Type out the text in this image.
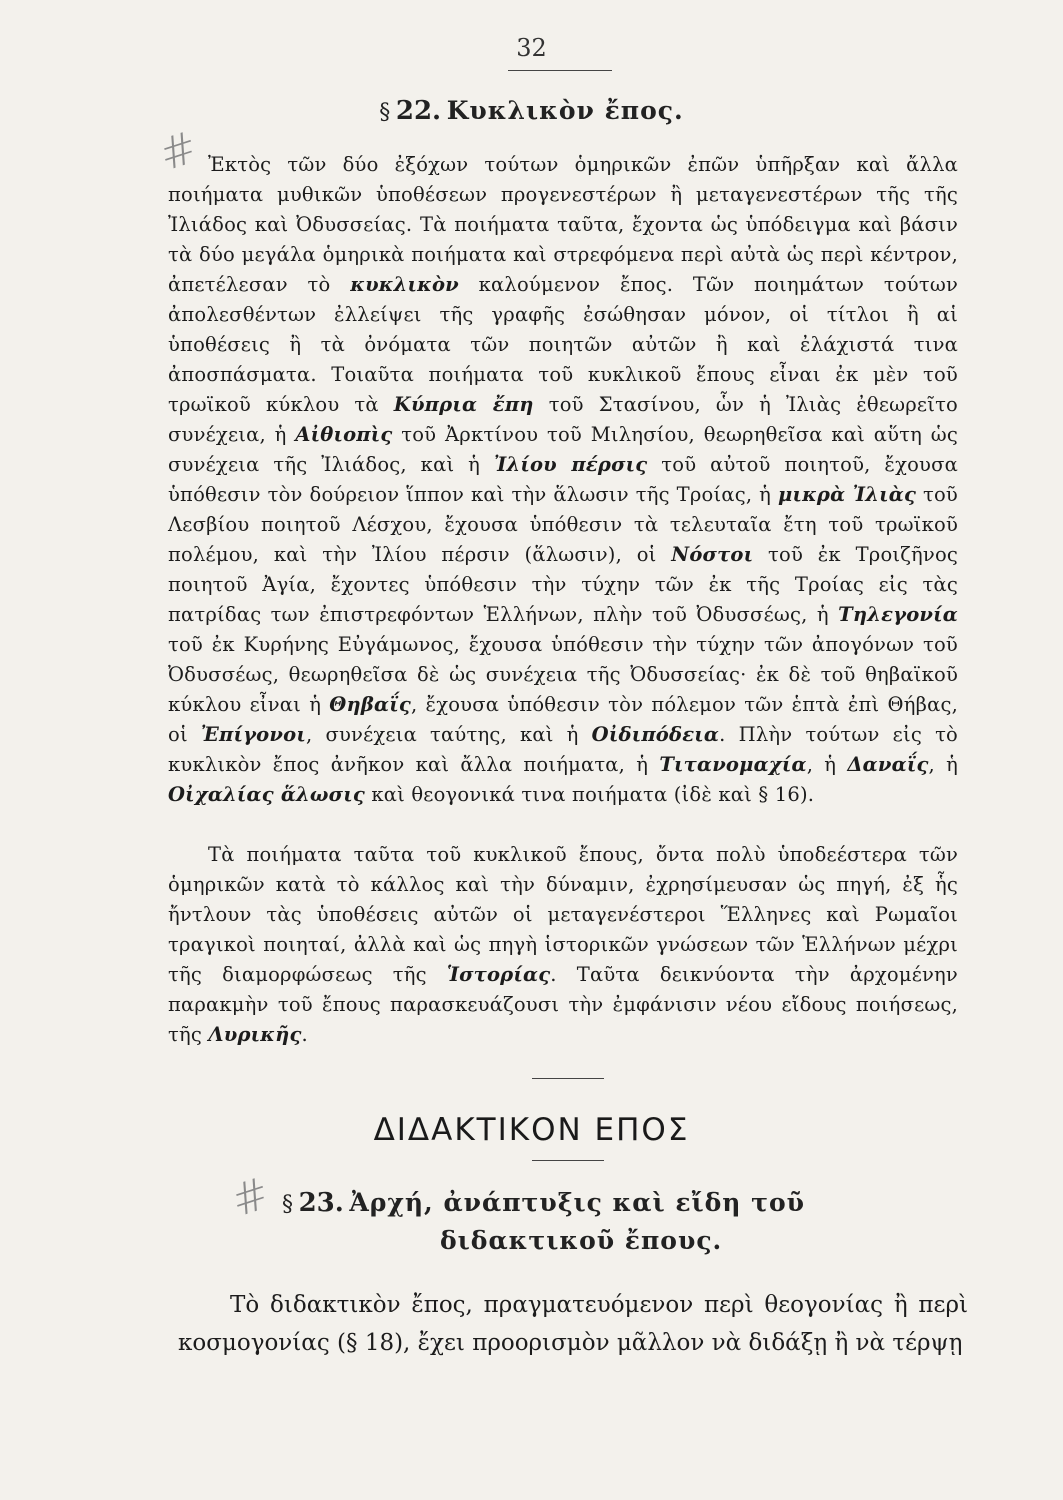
32
#
§ 22. Κυκλικὸν ἔπος.
Ἐκτὸς τῶν δύο ἐξόχων τούτων ὁμηρικῶν ἐπῶν ὑπῆρξαν καὶ ἄλλα ποιήματα μυθικῶν ὑποθέσεων προγενεστέρων ἢ μεταγενεστέρων τῆς τῆς Ἰλιάδος καὶ Ὀδυσσείας. Τὰ ποιήματα ταῦτα, ἔχοντα ὡς ὑπόδειγμα καὶ βάσιν τὰ δύο μεγάλα ὁμηρικὰ ποιήματα καὶ στρεφόμενα περὶ αὐτὰ ὡς περὶ κέντρον, ἀπετέλεσαν τὸ κυκλικὸν καλούμενον ἔπος. Τῶν ποιημάτων τούτων ἀπολεσθέντων ἐλλείψει τῆς γραφῆς ἐσώθησαν μόνον, οἱ τίτλοι ἢ αἱ ὑποθέσεις ἢ τὰ ὀνόματα τῶν ποιητῶν αὐτῶν ἢ καὶ ἐλάχιστά τινα ἀποσπάσματα. Τοιαῦτα ποιήματα τοῦ κυκλικοῦ ἔπους εἶναι ἐκ μὲν τοῦ τρωϊκοῦ κύκλου τὰ Κύπρια ἔπη τοῦ Στασίνου, ὧν ἡ Ἰλιὰς ἐθεωρεῖτο συνέχεια, ἡ Αἰθιοπὶς τοῦ Ἀρκτίνου τοῦ Μιλησίου, θεωρηθεῖσα καὶ αὕτη ὡς συνέχεια τῆς Ἰλιάδος, καὶ ἡ Ἰλίου πέρσις τοῦ αὐτοῦ ποιητοῦ, ἔχουσα ὑπόθεσιν τὸν δούρειον ἵππον καὶ τὴν ἅλωσιν τῆς Τροίας, ἡ μικρὰ Ἰλιὰς τοῦ Λεσβίου ποιητοῦ Λέσχου, ἔχουσα ὑπόθεσιν τὰ τελευταῖα ἔτη τοῦ τρωϊκοῦ πολέμου, καὶ τὴν Ἰλίου πέρσιν (ἅλωσιν), οἱ Νόστοι τοῦ ἐκ Τροιζῆνος ποιητοῦ Ἀγία, ἔχοντες ὑπόθεσιν τὴν τύχην τῶν ἐκ τῆς Τροίας εἰς τὰς πατρίδας των ἐπιστρεφόντων Ἑλλήνων, πλὴν τοῦ Ὀδυσσέως, ἡ Τηλεγονία τοῦ ἐκ Κυρήνης Εὐγάμωνος, ἔχουσα ὑπόθεσιν τὴν τύχην τῶν ἀπογόνων τοῦ Ὀδυσσέως, θεωρηθεῖσα δὲ ὡς συνέχεια τῆς Ὀδυσσείας· ἐκ δὲ τοῦ θηβαϊκοῦ κύκλου εἶναι ἡ Θηβαΐς, ἔχουσα ὑπόθεσιν τὸν πόλεμον τῶν ἑπτὰ ἐπὶ Θήβας, οἱ Ἐπίγονοι, συνέχεια ταύτης, καὶ ἡ Οἰδιπόδεια. Πλὴν τούτων εἰς τὸ κυκλικὸν ἔπος ἀνῆκον καὶ ἄλλα ποιήματα, ἡ Τιτανομαχία, ἡ Δαναΐς, ἡ Οἰχαλίας ἅλωσις καὶ θεογονικά τινα ποιήματα (ἰδὲ καὶ § 16).
Τὰ ποιήματα ταῦτα τοῦ κυκλικοῦ ἔπους, ὄντα πολὺ ὑποδεέστερα τῶν ὁμηρικῶν κατὰ τὸ κάλλος καὶ τὴν δύναμιν, ἐχρησίμευσαν ὡς πηγή, ἐξ ἧς ἤντλουν τὰς ὑποθέσεις αὐτῶν οἱ μεταγενέστεροι Ἕλληνες καὶ Ρωμαῖοι τραγικοὶ ποιηταί, ἀλλὰ καὶ ὡς πηγὴ ἱστορικῶν γνώσεων τῶν Ἑλλήνων μέχρι τῆς διαμορφώσεως τῆς Ἱστορίας. Ταῦτα δεικνύοντα τὴν ἀρχομένην παρακμὴν τοῦ ἔπους παρασκευάζουσι τὴν ἐμφάνισιν νέου εἴδους ποιήσεως, τῆς Λυρικῆς.
ΔΙΔΑΚΤΙΚΟΝ ΕΠΟΣ
# § 23. Ἀρχή, ἀνάπτυξις καὶ εἴδη τοῦ
διδακτικοῦ ἔπους.
Τὸ διδακτικὸν ἔπος, πραγματευόμενον περὶ θεογονίας ἢ περὶ κοσμογονίας (§ 18), ἔχει προορισμὸν μᾶλλον νὰ διδάξῃ ἢ νὰ τέρψῃ
